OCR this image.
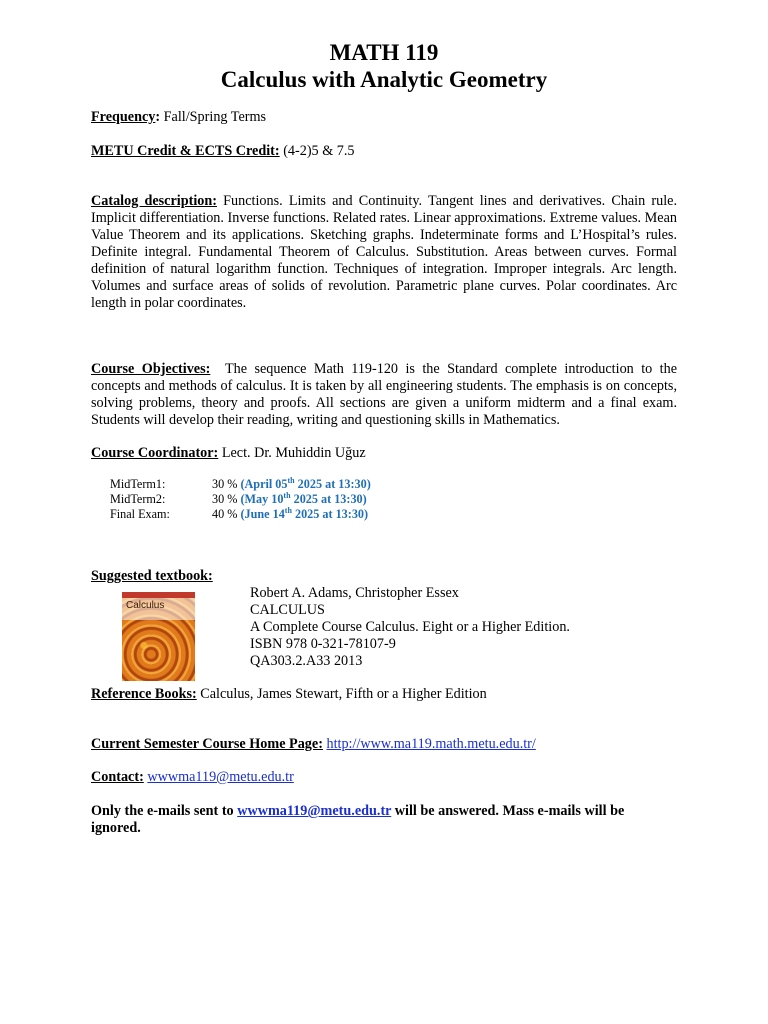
MATH 119
Calculus with Analytic Geometry
Frequency: Fall/Spring Terms
METU Credit & ECTS Credit: (4-2)5 & 7.5
Catalog description: Functions. Limits and Continuity. Tangent lines and derivatives. Chain rule. Implicit differentiation. Inverse functions. Related rates. Linear approximations. Extreme values. Mean Value Theorem and its applications. Sketching graphs. Indeterminate forms and L’Hospital’s rules. Definite integral. Fundamental Theorem of Calculus. Substitution. Areas between curves. Formal definition of natural logarithm function. Techniques of integration. Improper integrals. Arc length. Volumes and surface areas of solids of revolution. Parametric plane curves. Polar coordinates. Arc length in polar coordinates.
Course Objectives: The sequence Math 119-120 is the Standard complete introduction to the concepts and methods of calculus. It is taken by all engineering students. The emphasis is on concepts, solving problems, theory and proofs. All sections are given a uniform midterm and a final exam. Students will develop their reading, writing and questioning skills in Mathematics.
Course Coordinator: Lect. Dr. Muhiddin Uğuz
MidTerm1:	30 % (April 05th 2025 at 13:30)
MidTerm2:	30 % (May 10th 2025 at 13:30)
Final Exam:	40 % (June 14th 2025 at 13:30)
Suggested textbook:
Calculus
Robert A. Adams, Christopher Essex
CALCULUS
A Complete Course Calculus. Eight or a Higher Edition.
ISBN 978 0-321-78107-9
QA303.2.A33 2013
Reference Books: Calculus, James Stewart, Fifth or a Higher Edition
Current Semester Course Home Page: http://www.ma119.math.metu.edu.tr/
Contact: wwwma119@metu.edu.tr
Only the e-mails sent to wwwma119@metu.edu.tr will be answered. Mass e-mails will be ignored.
